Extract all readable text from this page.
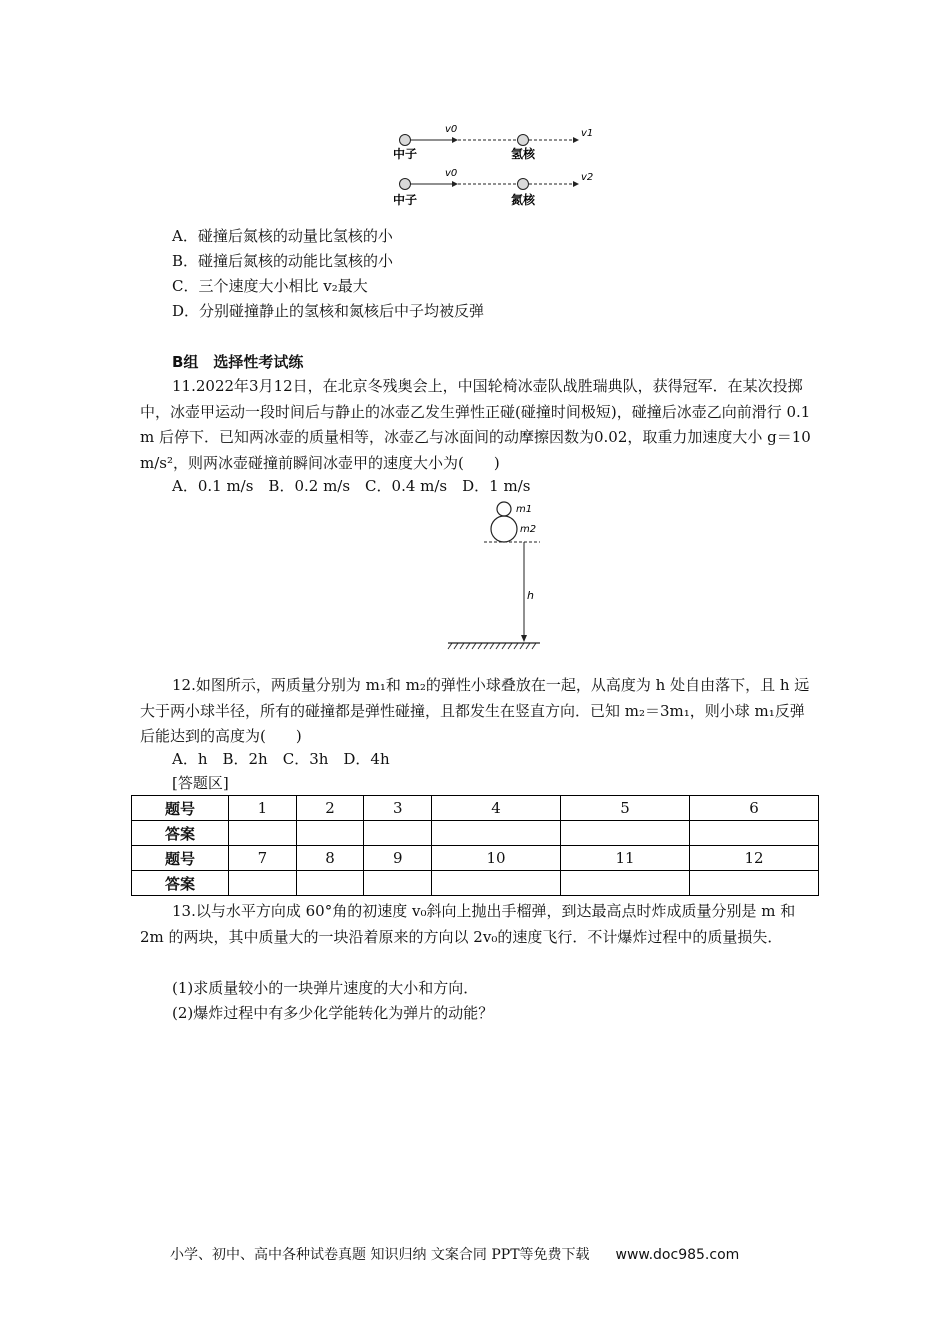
v0	v1
中子	氢核
v0	v2
中子	氮核
A．碰撞后氮核的动量比氢核的小
B．碰撞后氮核的动能比氢核的小
C．三个速度大小相比 v₂最大
D．分别碰撞静止的氢核和氮核后中子均被反弹
B组　选择性考试练
11.2022年3月12日，在北京冬残奥会上，中国轮椅冰壶队战胜瑞典队，获得冠军．在某次投掷中，冰壶甲运动一段时间后与静止的冰壶乙发生弹性正碰(碰撞时间极短)，碰撞后冰壶乙向前滑行 0.1 m 后停下．已知两冰壶的质量相等，冰壶乙与冰面间的动摩擦因数为0.02，取重力加速度大小 g＝10 m/s²，则两冰壶碰撞前瞬间冰壶甲的速度大小为(　　)
A．0.1 m/s　B．0.2 m/s　C．0.4 m/s　D．1 m/s
m1
m2
h
12.如图所示，两质量分别为 m₁和 m₂的弹性小球叠放在一起，从高度为 h 处自由落下，且 h 远大于两小球半径，所有的碰撞都是弹性碰撞，且都发生在竖直方向．已知 m₂＝3m₁，则小球 m₁反弹后能达到的高度为(　　)
A．h　B．2h　C．3h　D．4h
[答题区]
题号	1	2	3	4	5	6
答案						
题号	7	8	9	10	11	12
答案						
13.以与水平方向成 60°角的初速度 v₀斜向上抛出手榴弹，到达最高点时炸成质量分别是 m 和 2m 的两块，其中质量大的一块沿着原来的方向以 2v₀的速度飞行．不计爆炸过程中的质量损失．
(1)求质量较小的一块弹片速度的大小和方向．
(2)爆炸过程中有多少化学能转化为弹片的动能？
小学、初中、高中各种试卷真题 知识归纳 文案合同 PPT等免费下载 www.doc985.com
